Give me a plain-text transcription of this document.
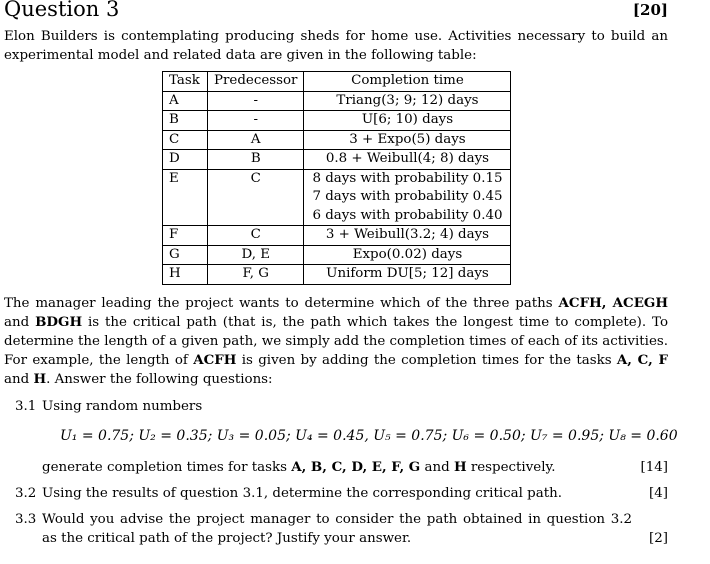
Question 3	[20]
Elon Builders is contemplating producing sheds for home use. Activities necessary to build an experimental model and related data are given in the following table:
Task	Predecessor	Completion time
A	-	Triang(3; 9; 12) days
B	-	U[6; 10) days
C	A	3 + Expo(5) days
D	B	0.8 + Weibull(4; 8) days
E	C	8 days with probability 0.15
7 days with probability 0.45
6 days with probability 0.40

F	C	3 + Weibull(3.2; 4) days
G	D, E	Expo(0.02) days
H	F, G	Uniform DU[5; 12] days
The manager leading the project wants to determine which of the three paths ACFH, ACEGH and BDGH is the critical path (that is, the path which takes the longest time to complete). To determine the length of a given path, we simply add the completion times of each of its activities. For example, the length of ACFH is given by adding the completion times for the tasks A, C, F and H. Answer the following questions:
3.1 Using random numbers
U₁ = 0.75; U₂ = 0.35; U₃ = 0.05; U₄ = 0.45, U₅ = 0.75; U₆ = 0.50; U₇ = 0.95; U₈ = 0.60
generate completion times for tasks A, B, C, D, E, F, G and H respectively.	[14]
3.2 Using the results of question 3.1, determine the corresponding critical path.	[4]
3.3 Would you advise the project manager to consider the path obtained in question 3.2 as the critical path of the project? Justify your answer.	[2]
